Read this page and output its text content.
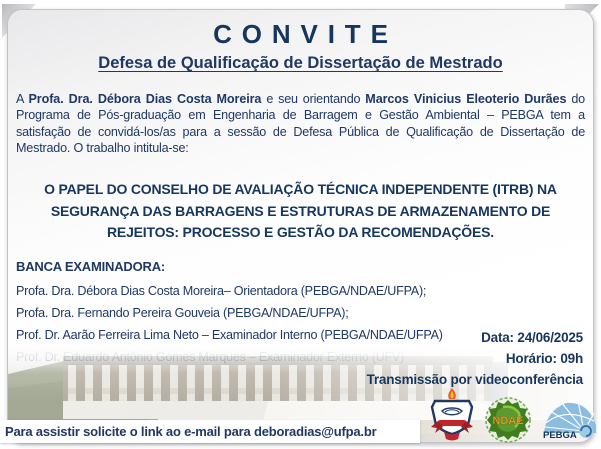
CONVITE
Defesa de Qualificação de Dissertação de Mestrado

A Profa. Dra. Débora Dias Costa Moreira e seu orientando Marcos Vinicius Eleoterio Durães do Programa de Pós-graduação em Engenharia de Barragem e Gestão Ambiental – PEBGA tem a satisfação de convidá-los/as para a sessão de Defesa Pública de Qualificação de Dissertação de Mestrado. O trabalho intitula-se:

O PAPEL DO CONSELHO DE AVALIAÇÃO TÉCNICA INDEPENDENTE (ITRB) NA SEGURANÇA DAS BARRAGENS E ESTRUTURAS DE ARMAZENAMENTO DE REJEITOS: PROCESSO E GESTÃO DA RECOMENDAÇÕES.
BANCA EXAMINADORA:
Profa. Dra. Débora Dias Costa Moreira– Orientadora (PEBGA/NDAE/UFPA);
Profa. Dra. Fernando Pereira Gouveia (PEBGA/NDAE/UFPA);
Prof. Dr. Aarão Ferreira Lima Neto – Examinador Interno (PEBGA/NDAE/UFPA)	Data: 24/06/2025
Horário: 09h
Transmissão por videoconferência
Para assistir solicite o link ao e-mail para deboradias@ufpa.br
NDAE
PEBGA
